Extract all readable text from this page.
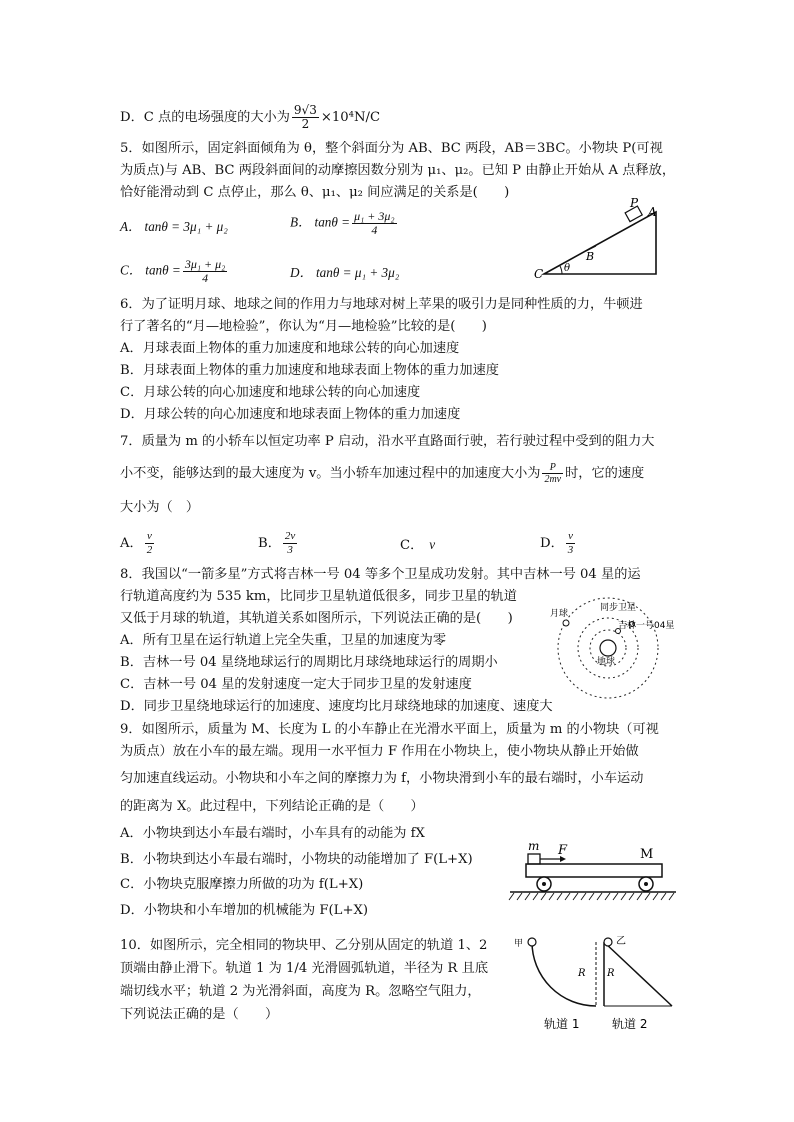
D．C 点的电场强度的大小为 $\frac{9√3}{2} \times 10^4N/C$
5．如图所示，固定斜面倾角为 θ，整个斜面分为 AB、BC 两段，AB＝3BC。小物块 P(可视
为质点)与 AB、BC 两段斜面间的动摩擦因数分别为 μ₁、μ₂。已知 P 由静止开始从 A 点释放，
恰好能滑动到 C 点停止，那么 θ、μ₁、μ₂ 间应满足的关系是(　　)
A． tanθ = 3μ₁ + μ₂	B． $\tan\theta = \frac{\text{μ₁ + 3μ₂}}{4}$
C． $\tan\theta = \frac{\text{3μ₁ + μ₂}}{4}$	D． tanθ = μ₁ + 3μ₂
P
A
B
C θ
6．为了证明月球、地球之间的作用力与地球对树上苹果的吸引力是同种性质的力，牛顿进
行了著名的“月—地检验”，你认为“月—地检验”比较的是(　　)
A．月球表面上物体的重力加速度和地球公转的向心加速度
B．月球表面上物体的重力加速度和地球表面上物体的重力加速度
C．月球公转的向心加速度和地球公转的向心加速度
D．月球公转的向心加速度和地球表面上物体的重力加速度
7．质量为 m 的小轿车以恒定功率 P 启动，沿水平直路面行驶，若行驶过程中受到的阻力大
小不变，能够达到的最大速度为 v。当小轿车加速过程中的加速度大小为 $\frac{P}{2mv}$ 时，它的速度
大小为（　）
A． $\frac{v}{2}$	B． $\frac{2v}{3}$	C． v	D． $\frac{v}{3}$
8．我国以“一箭多星”方式将吉林一号 04 等多个卫星成功发射。其中吉林一号 04 星的运
行轨道高度约为 535 km，比同步卫星轨道低很多，同步卫星的轨道
又低于月球的轨道，其轨道关系如图所示，下列说法正确的是(　　)
A．所有卫星在运行轨道上完全失重，卫星的加速度为零
B．吉林一号 04 星绕地球运行的周期比月球绕地球运行的周期小
C．吉林一号 04 星的发射速度一定大于同步卫星的发射速度
D．同步卫星绕地球运行的加速度、速度均比月球绕地球的加速度、速度大
月球
同步卫星
吉林一号04星
地球
9．如图所示，质量为 M、长度为 L 的小车静止在光滑水平面上，质量为 m 的小物块（可视
为质点）放在小车的最左端。现用一水平恒力 F 作用在小物块上，使小物块从静止开始做
匀加速直线运动。小物块和小车之间的摩擦力为 f，小物块滑到小车的最右端时，小车运动
的距离为 X。此过程中，下列结论正确的是（　　）
A．小物块到达小车最右端时，小车具有的动能为 fX
B．小物块到达小车最右端时，小物块的动能增加了 F(L+X)
C．小物块克服摩擦力所做的功为 f(L+X)
D．小物块和小车增加的机械能为 F(L+X)
m F	M
10．如图所示，完全相同的物块甲、乙分别从固定的轨道 1、2
顶端由静止滑下。轨道 1 为 1/4 光滑圆弧轨道，半径为 R 且底
端切线水平；轨道 2 为光滑斜面，高度为 R。忽略空气阻力，
下列说法正确的是（　　）
甲
R
乙
R
轨道 1	轨道 2
